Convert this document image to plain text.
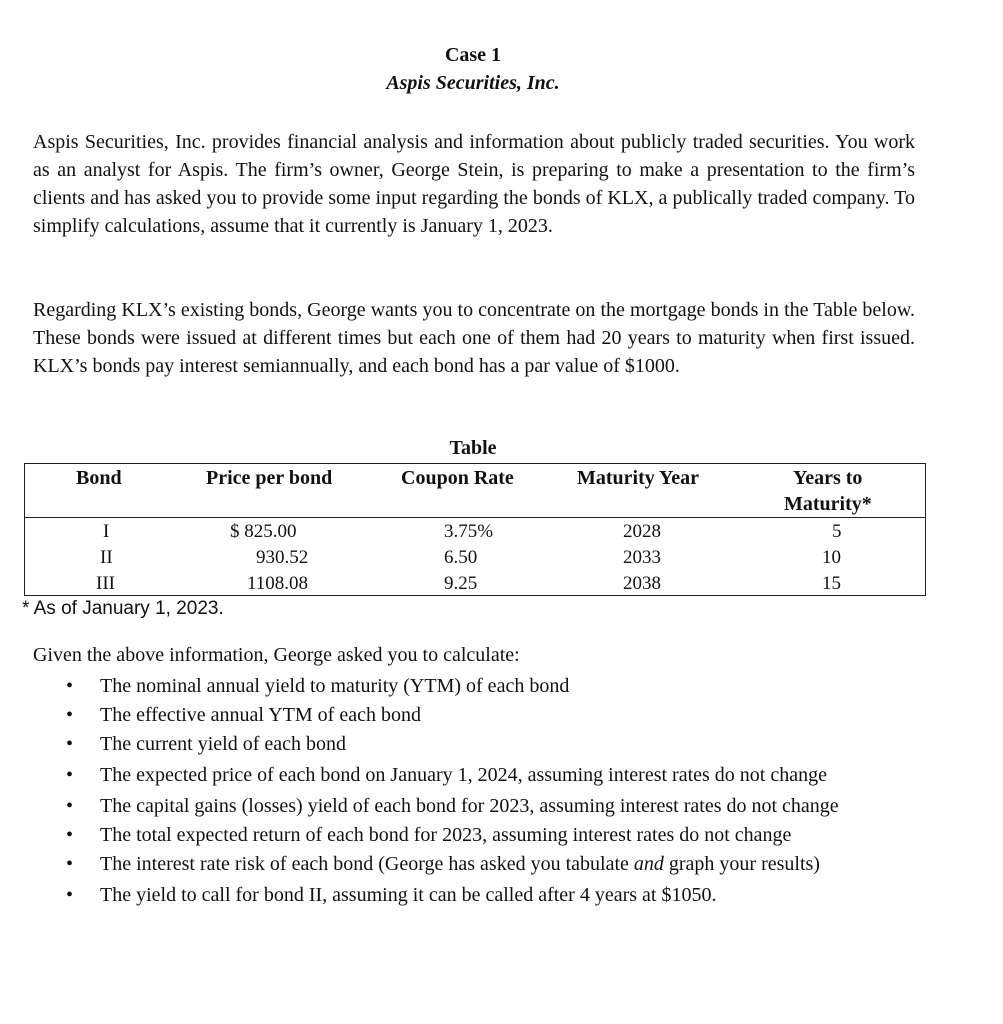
Case 1
Aspis Securities, Inc.

Aspis Securities, Inc. provides financial analysis and information about publicly traded securities. You work as an analyst for Aspis. The firm’s owner, George Stein, is preparing to make a presentation to the firm’s clients and has asked you to provide some input regarding the bonds of KLX, a publically traded company. To simplify calculations, assume that it currently is January 1, 2023.

Regarding KLX’s existing bonds, George wants you to concentrate on the mortgage bonds in the Table below. These bonds were issued at different times but each one of them had 20 years to maturity when first issued. KLX’s bonds pay interest semiannually, and each bond has a par value of $1000.

Table
Bond	Price per bond	Coupon Rate	Maturity Year	Years to
Maturity*
I	$ 825.00	3.75%	2028	5
II	930.52	6.50	2033	10
III	1108.08	9.25	2038	15
* As of January 1, 2023.
Given the above information, George asked you to calculate:
• The nominal annual yield to maturity (YTM) of each bond
• The effective annual YTM of each bond
• The current yield of each bond
• The expected price of each bond on January 1, 2024, assuming interest rates do not change
• The capital gains (losses) yield of each bond for 2023, assuming interest rates do not change
• The total expected return of each bond for 2023, assuming interest rates do not change
• The interest rate risk of each bond (George has asked you tabulate and graph your results)
• The yield to call for bond II, assuming it can be called after 4 years at $1050.
